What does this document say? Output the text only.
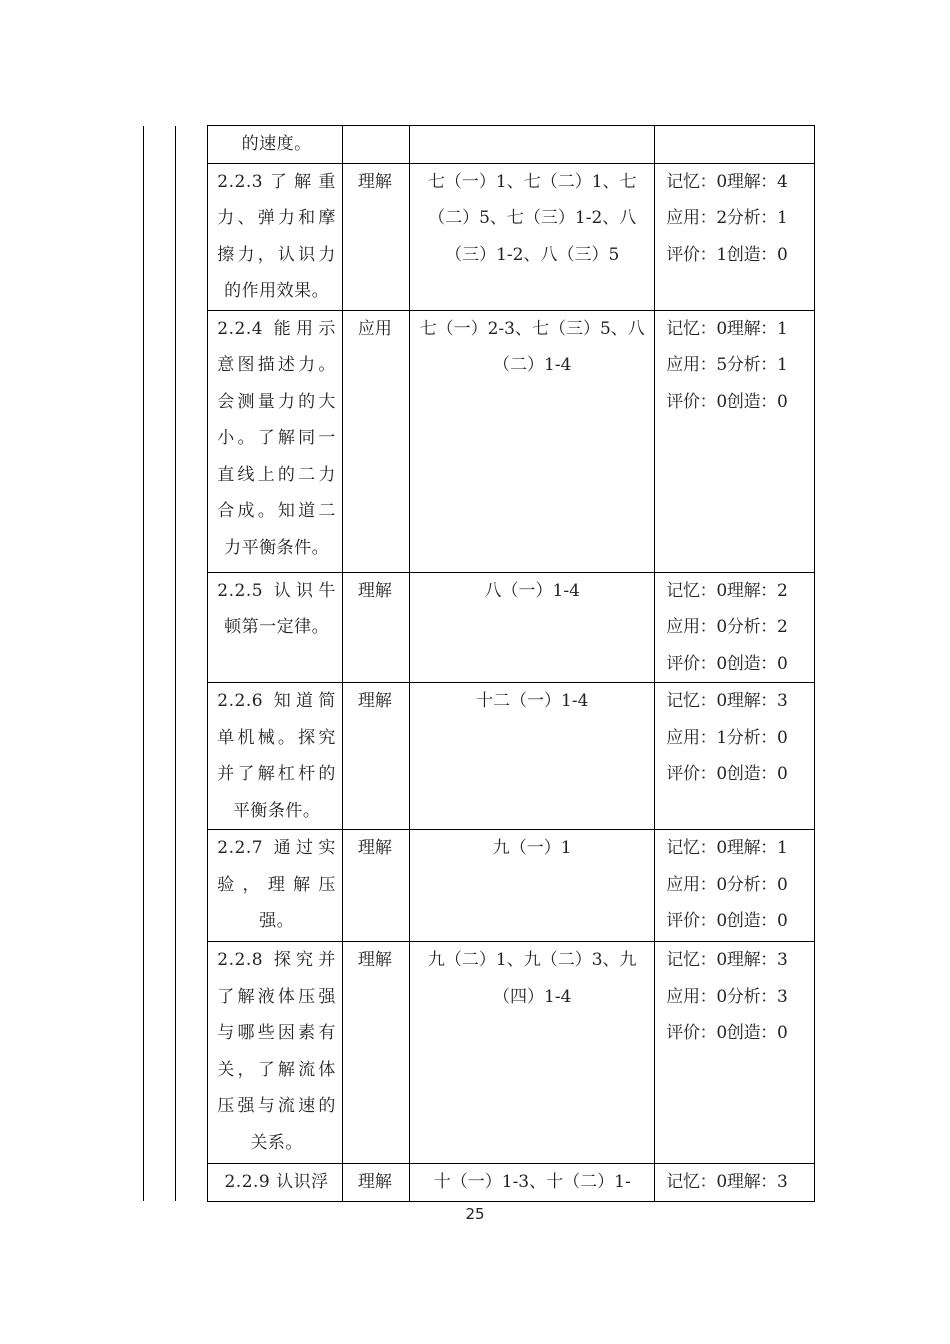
		的速度。			
		2.2.3了解重力、弹力和摩擦力，认识力的作用效果。	理解	七（一）1、七（二）1、七（二）5、七（三）1-2、八（三）1-2、八（三）5	记忆：0理解：4
应用：2分析：1
评价：1创造：0

		2.2.4 能用示意图描述力。会测量力的大小。了解同一直线上的二力合成。知道二力平衡条件。	应用	七（一）2-3、七（三）5、八（二）1-4	记忆：0理解：1
应用：5分析：1
评价：0创造：0

		2.2.5 认识牛顿第一定律。	理解	八（一）1-4	记忆：0理解：2
应用：0分析：2
评价：0创造：0

		2.2.6 知道简单机械。探究并了解杠杆的平衡条件。	理解	十二（一）1-4	记忆：0理解：3
应用：1分析：0
评价：0创造：0

		2.2.7 通过实验，理解压强。	理解	九（一）1	记忆：0理解：1
应用：0分析：0
评价：0创造：0

		2.2.8 探究并了解液体压强与哪些因素有关，了解流体压强与流速的关系。	理解	九（二）1、九（二）3、九（四）1-4	记忆：0理解：3
应用：0分析：3
评价：0创造：0

		2.2.9 认识浮	理解	十（一）1-3、十（二）1-	记忆：0理解：3
25
